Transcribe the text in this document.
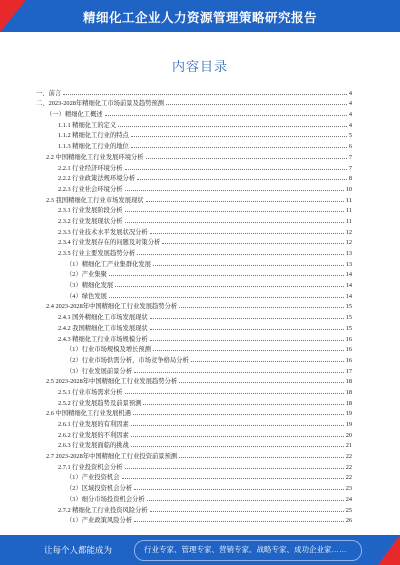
精细化工企业人力资源管理策略研究报告
内容目录
一、前言	4
二、2023-2028年精细化工市场前景及趋势预测	4
（一）精细化工概述	4
1.1.1 精细化工的定义	4
1.1.2 精细化工行业的特点	5
1.1.3 精细化工行业的地位	6
2.2 中国精细化工行业发展环境分析	7
2.2.1 行业经济环境分析	7
2.2.2 行业政策法规环境分析	8
2.2.3 行业社会环境分析	10
2.3 我国精细化工行业市场发展现状	11
2.3.1 行业发展阶段分析	11
2.3.2 行业发展现状分析	11
2.3.3 行业技术水平发展状况分析	12
2.3.4 行业发展存在的问题及对策分析	12
2.3.5 行业主要发展趋势分析	13
（1）精细化工产业集群化发展	13
（2）产业集聚	14
（3）精细化发展	14
（4）绿色发展	14
2.4 2023-2028年中国精细化工行业发展趋势分析	15
2.4.1 国外精细化工市场发展现状	15
2.4.2 我国精细化工市场发展现状	15
2.4.3 精细化工行业市场规模分析	16
（1）行业市场规模及增长预测	16
（2）行业市场供需分析，市场竞争格局分析	16
（3）行业发展前景分析	17
2.5 2023-2028年中国精细化工行业发展趋势分析	18
2.5.1 行业市场需求分析	18
2.5.2 行业发展趋势及前景预测	18
2.6 中国精细化工行业发展机遇	19
2.6.1 行业发展的有利因素	19
2.6.2 行业发展的不利因素	20
2.6.3 行业发展面临的挑战	21
2.7 2023-2028年中国精细化工行业投资前景预测	22
2.7.1 行业投资机会分析	22
（1）产业投资机会	22
（2）区域投资机会分析	23
（3）细分市场投资机会分析	24
2.7.2 精细化工行业投资风险分析	25
（1）产业政策风险分析	26
让每个人都能成为	行业专家、管理专家、营销专家、战略专家、成功企业家……
